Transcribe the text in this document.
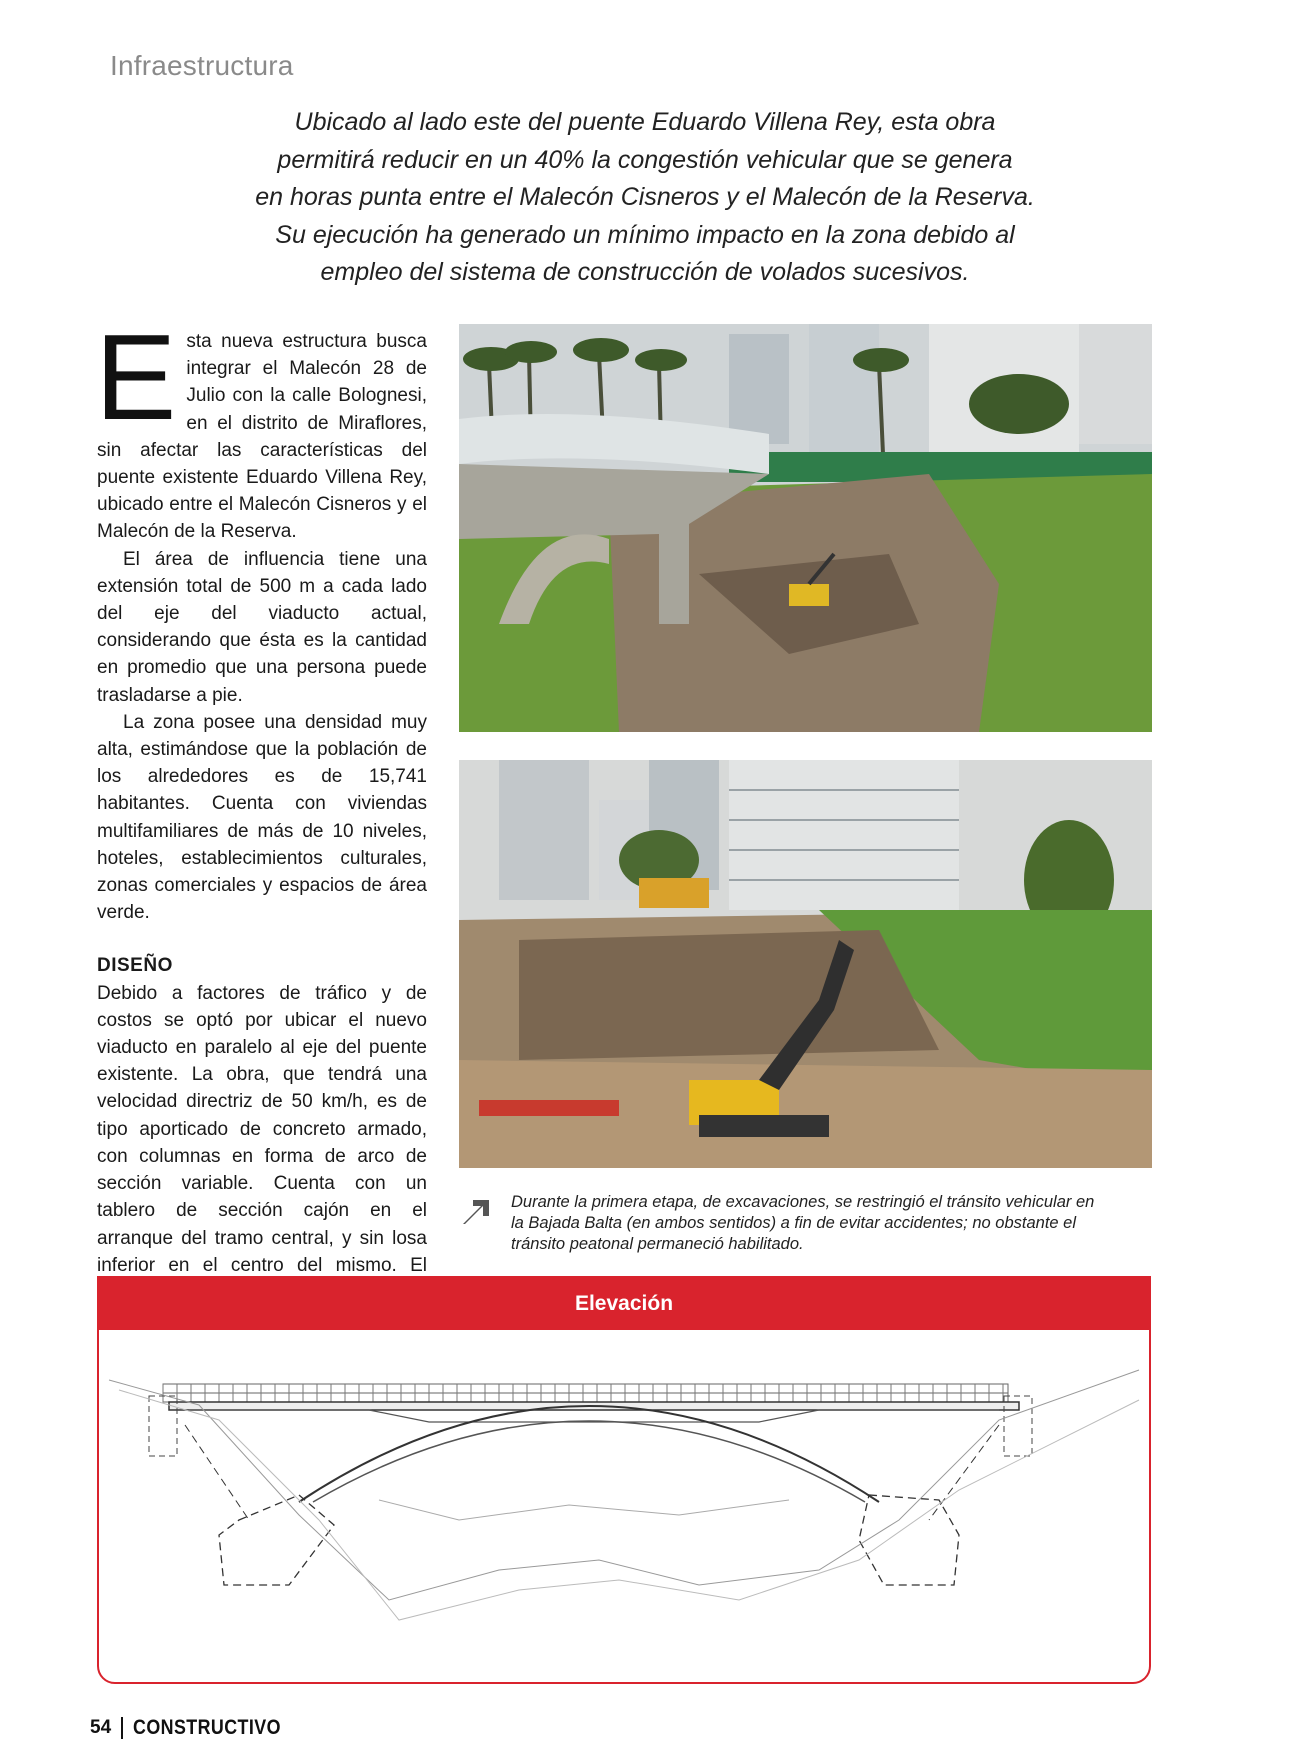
Infraestructura
Ubicado al lado este del puente Eduardo Villena Rey, esta obra
permitirá reducir en un 40% la congestión vehicular que se genera
en horas punta entre el Malecón Cisneros y el Malecón de la Reserva.
Su ejecución ha generado un mínimo impacto en la zona debido al
empleo del sistema de construcción de volados sucesivos.

Esta nueva estructura busca integrar el Malecón 28 de Julio con la calle Bolognesi, en el distrito de Miraflores, sin afectar las características del puente existente Eduardo Villena Rey, ubicado entre el Malecón Cisneros y el Malecón de la Reserva.

El área de influencia tiene una extensión total de 500 m a cada lado del eje del viaducto actual, considerando que ésta es la cantidad en promedio que una persona puede trasladarse a pie.

La zona posee una densidad muy alta, estimándose que la población de los alrededores es de 15,741 habitantes. Cuenta con viviendas multifamiliares de más de 10 niveles, hoteles, establecimientos culturales, zonas comerciales y espacios de área verde.

DISEÑO

Debido a factores de tráfico y de costos se optó por ubicar el nuevo viaducto en paralelo al eje del puente existente. La obra, que tendrá una velocidad directriz de 50 km/h, es de tipo aporticado de concreto armado, con columnas en forma de arco de sección variable. Cuenta con un tablero de sección cajón en el arranque del tramo central, y sin losa inferior en el centro del mismo. El

Durante la primera etapa, de excavaciones, se restringió el tránsito vehicular en
la Bajada Balta (en ambos sentidos) a fin de evitar accidentes; no obstante el
tránsito peatonal permaneció habilitado.
Elevación
54 CONSTRUCTIVO
